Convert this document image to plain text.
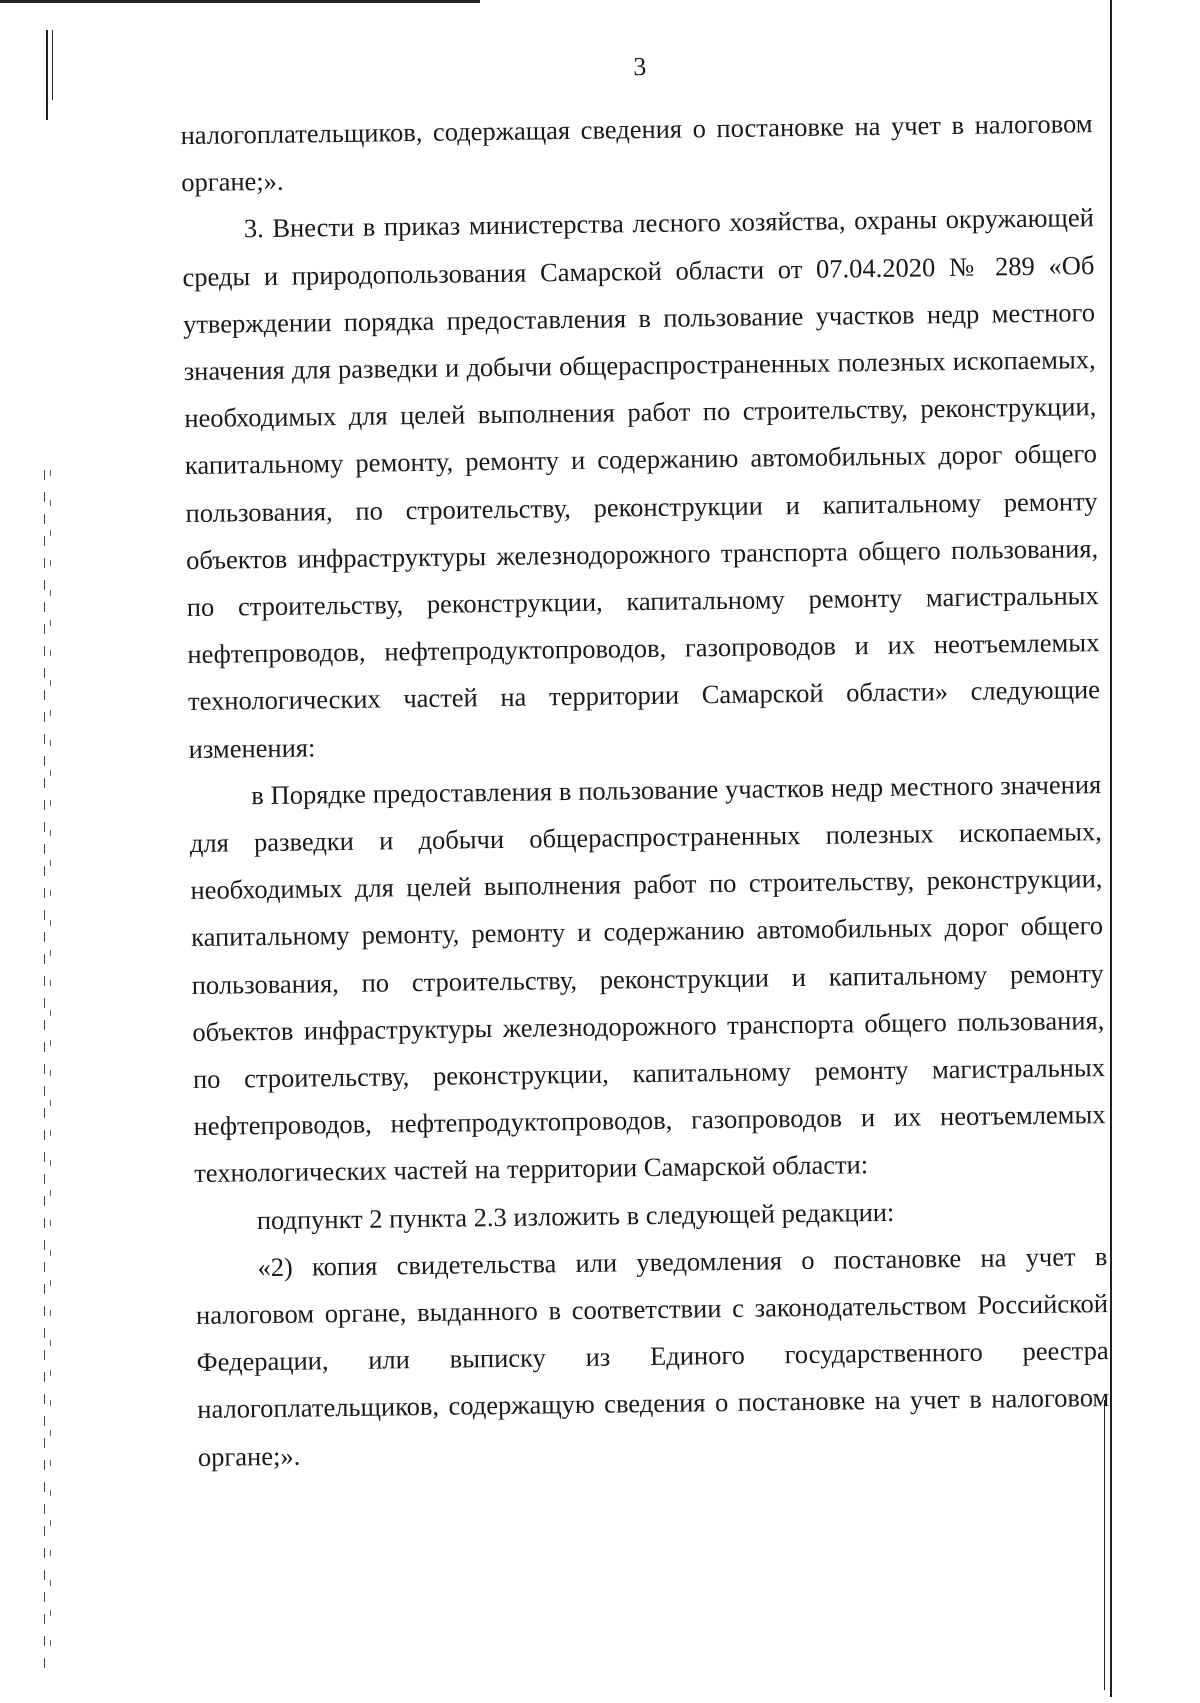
3

налогоплательщиков, содержащая сведения о постановке на учет в налоговом органе;».

3. Внести в приказ министерства лесного хозяйства, охраны окружающей среды и природопользования Самарской области от 07.04.2020 № 289 «Об утверждении порядка предоставления в пользование участков недр местного значения для разведки и добычи общераспространенных полезных ископаемых, необходимых для целей выполнения работ по строительству, реконструкции, капитальному ремонту, ремонту и содержанию автомобильных дорог общего пользования, по строительству, реконструкции и капитальному ремонту объектов инфраструктуры железнодорожного транспорта общего пользования, по строительству, реконструкции, капитальному ремонту магистральных нефтепроводов, нефтепродуктопроводов, газопроводов и их неотъемлемых технологических частей на территории Самарской области» следующие изменения:

в Порядке предоставления в пользование участков недр местного значения для разведки и добычи общераспространенных полезных ископаемых, необходимых для целей выполнения работ по строительству, реконструкции, капитальному ремонту, ремонту и содержанию автомобильных дорог общего пользования, по строительству, реконструкции и капитальному ремонту объектов инфраструктуры железнодорожного транспорта общего пользования, по строительству, реконструкции, капитальному ремонту магистральных нефтепроводов, нефтепродуктопроводов, газопроводов и их неотъемлемых технологических частей на территории Самарской области:

подпункт 2 пункта 2.3 изложить в следующей редакции:

«2) копия свидетельства или уведомления о постановке на учет в налоговом органе, выданного в соответствии с законодательством Российской Федерации, или выписку из Единого государственного реестра налогоплательщиков, содержащую сведения о постановке на учет в налоговом органе;».
